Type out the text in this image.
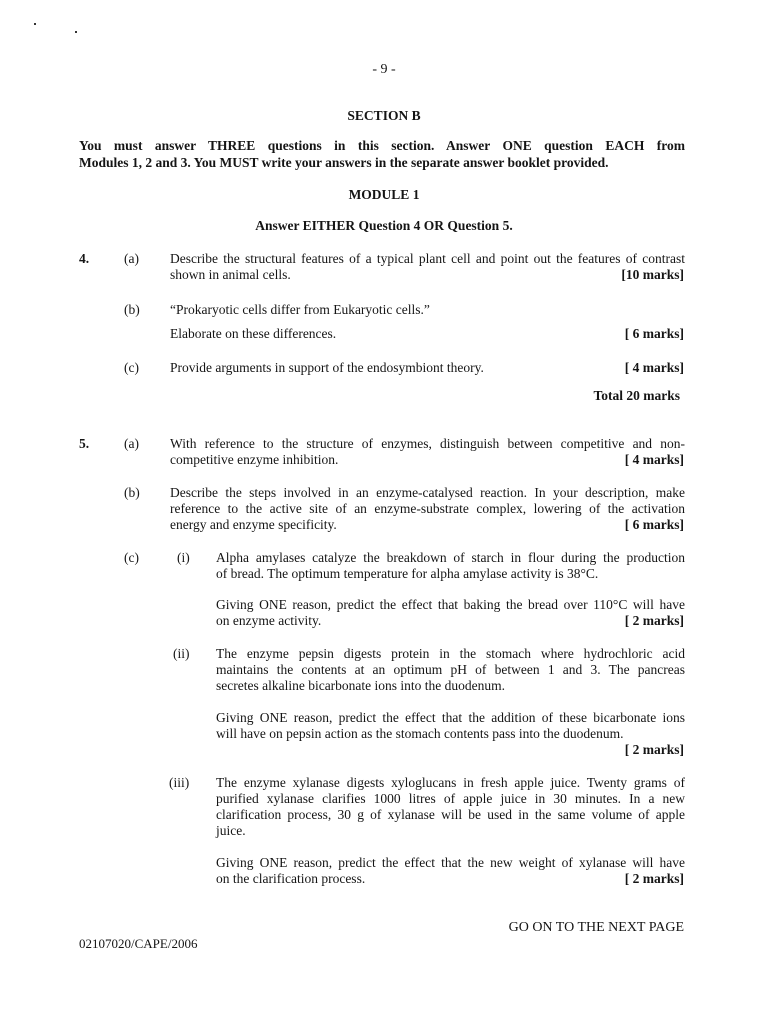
- 9 -
SECTION B
You must answer THREE questions in this section. Answer ONE question EACH from
Modules 1, 2 and 3. You MUST write your answers in the separate answer booklet provided.
MODULE 1
Answer EITHER Question 4 OR Question 5.
4.	(a) Describe the structural features of a typical plant cell and point out the features of contrast
shown in animal cells.	[10 marks]
(b) “Prokaryotic cells differ from Eukaryotic cells.”
Elaborate on these differences.	[ 6 marks]
(c) Provide arguments in support of the endosymbiont theory.	[ 4 marks]
Total 20 marks
5.	(a) With reference to the structure of enzymes, distinguish between competitive and non-
competitive enzyme inhibition.	[ 4 marks]
(b) Describe the steps involved in an enzyme-catalysed reaction. In your description, make
reference to the active site of an enzyme-substrate complex, lowering of the activation
energy and enzyme specificity.	[ 6 marks]
(c)	(i) Alpha amylases catalyze the breakdown of starch in flour during the production
of bread. The optimum temperature for alpha amylase activity is 38°C.
Giving ONE reason, predict the effect that baking the bread over 110°C will have
on enzyme activity.	[ 2 marks]
(ii) The enzyme pepsin digests protein in the stomach where hydrochloric acid
maintains the contents at an optimum pH of between 1 and 3. The pancreas
secretes alkaline bicarbonate ions into the duodenum.
Giving ONE reason, predict the effect that the addition of these bicarbonate ions
will have on pepsin action as the stomach contents pass into the duodenum.
[ 2 marks]
(iii) The enzyme xylanase digests xyloglucans in fresh apple juice. Twenty grams of
purified xylanase clarifies 1000 litres of apple juice in 30 minutes. In a new
clarification process, 30 g of xylanase will be used in the same volume of apple
juice.
Giving ONE reason, predict the effect that the new weight of xylanase will have
on the clarification process.	[ 2 marks]
GO ON TO THE NEXT PAGE
02107020/CAPE/2006
